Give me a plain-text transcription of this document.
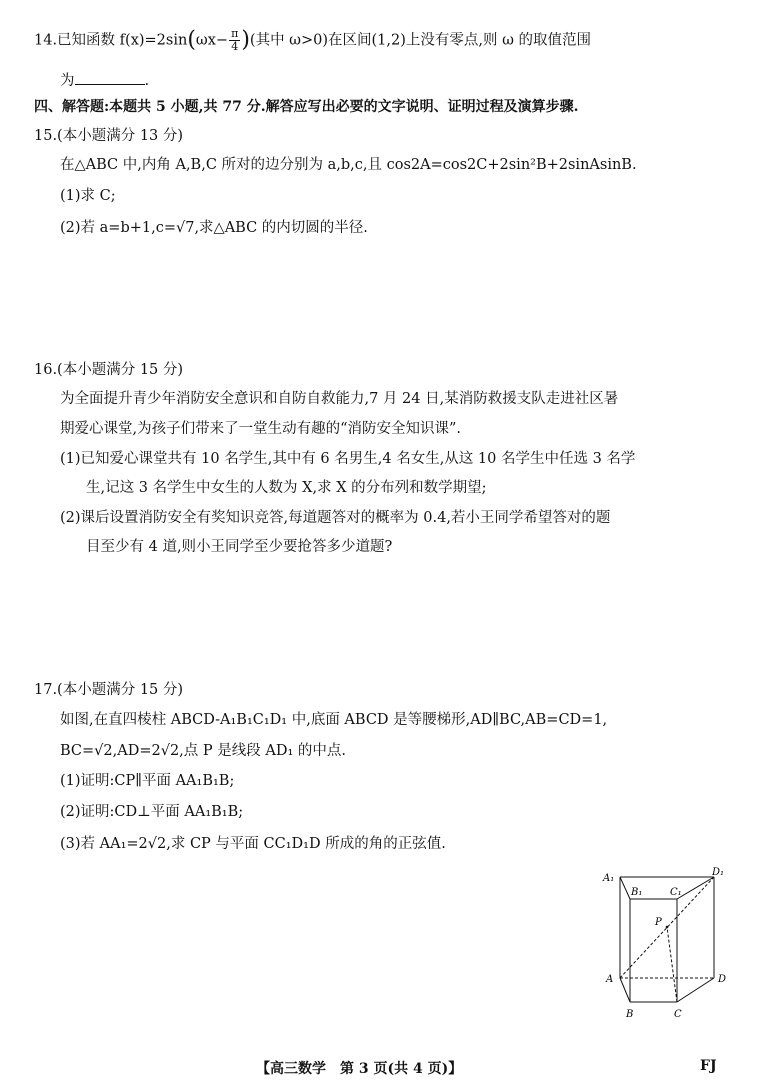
14.已知函数 $f(x)=2\sin(\omega x- \frac{\pi}{4}$ )(其中 ω>0)在区间(1,2)上没有零点,则 ω 的取值范围
为	.
四、解答题:本题共 5 小题,共 77 分.解答应写出必要的文字说明、证明过程及演算步骤.
15.(本小题满分 13 分)
在△ABC 中,内角 A,B,C 所对的边分别为 a,b,c,且 cos2A=cos2C+2sin²B+2sinAsinB.
(1)求 C;
(2)若 a=b+1,c=√7,求△ABC 的内切圆的半径.
16.(本小题满分 15 分)
为全面提升青少年消防安全意识和自防自救能力,7 月 24 日,某消防救援支队走进社区暑
期爱心课堂,为孩子们带来了一堂生动有趣的“消防安全知识课”.
(1)已知爱心课堂共有 10 名学生,其中有 6 名男生,4 名女生,从这 10 名学生中任选 3 名学
生,记这 3 名学生中女生的人数为 X,求 X 的分布列和数学期望;
(2)课后设置消防安全有奖知识竞答,每道题答对的概率为 0.4,若小王同学希望答对的题
目至少有 4 道,则小王同学至少要抢答多少道题?
17.(本小题满分 15 分)
如图,在直四棱柱 ABCD-A₁B₁C₁D₁ 中,底面 ABCD 是等腰梯形,AD∥BC,AB=CD=1,
BC=√2,AD=2√2,点 P 是线段 AD₁ 的中点.
(1)证明:CP∥平面 AA₁B₁B;
(2)证明:CD⊥平面 AA₁B₁B;
(3)若 AA₁=2√2,求 CP 与平面 CC₁D₁D 所成的角的正弦值.
A₁
B₁	C₁
D₁
P
A	D
B	C
【高三数学　第 3 页(共 4 页)】	FJ
